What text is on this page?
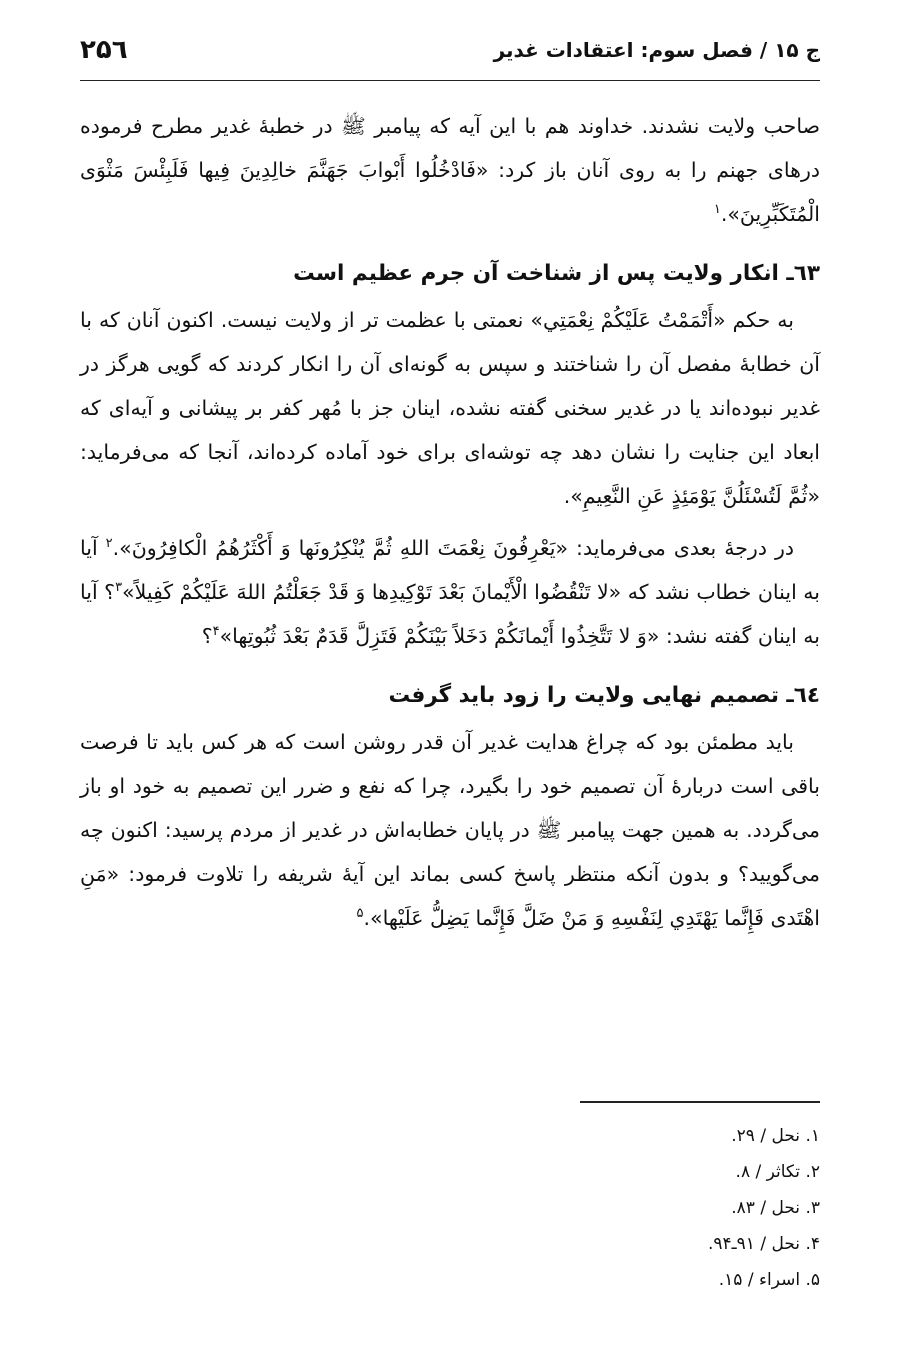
ج ۱۵ / فصل سوم: اعتقادات غدیر
۲۵٦

صاحب ولایت نشدند. خداوند هم با این آیه که پیامبر ﷺ در خطبهٔ غدیر مطرح فرموده درهای جهنم را به روی آنان باز کرد: «فَادْخُلُوا أَبْوابَ جَهَنَّمَ خالِدِینَ فِیها فَلَبِئْسَ مَثْوَى الْمُتَكَبِّرِینَ».$^۱$

٦٣ـ انکار ولایت پس از شناخت آن جرم عظیم است

به حکم «أَتْمَمْتُ عَلَيْكُمْ نِعْمَتِي» نعمتی با عظمت تر از ولایت نیست. اکنون آنان که با آن خطابهٔ مفصل آن را شناختند و سپس به گونه‌ای آن را انکار کردند که گویی هرگز در غدیر نبوده‌اند یا در غدیر سخنی گفته نشده، اینان جز با مُهر کفر بر پیشانی و آیه‌ای که ابعاد این جنایت را نشان دهد چه توشه‌ای برای خود آماده کرده‌اند، آنجا که می‌فرماید: «ثُمَّ لَتُسْئَلُنَّ يَوْمَئِذٍ عَنِ النَّعِيمِ».

در درجهٔ بعدی می‌فرماید: «يَعْرِفُونَ نِعْمَتَ اللهِ ثُمَّ يُنْكِرُونَها وَ أَكْثَرُهُمُ الْكافِرُونَ».$^۲$ آیا به اینان خطاب نشد که «لا تَنْقُضُوا الْأَيْمانَ بَعْدَ تَوْكِيدِها وَ قَدْ جَعَلْتُمُ اللهَ عَلَيْكُمْ كَفِيلاً»$^۳$؟ آیا به اینان گفته نشد: «وَ لا تَتَّخِذُوا أَيْمانَكُمْ دَخَلاً بَيْنَكُمْ فَتَزِلَّ قَدَمٌ بَعْدَ ثُبُوتِها»$^۴$؟

٦٤ـ تصمیم نهایی ولایت را زود باید گرفت

باید مطمئن بود که چراغ هدایت غدیر آن قدر روشن است که هر کس باید تا فرصت باقی است دربارهٔ آن تصمیم خود را بگیرد، چرا که نفع و ضرر این تصمیم به خود او باز می‌گردد. به همین جهت پیامبر ﷺ در پایان خطابه‌اش در غدیر از مردم پرسید: اکنون چه می‌گویید؟ و بدون آنکه منتظر پاسخ کسی بماند این آیهٔ شریفه را تلاوت فرمود: «مَنِ اهْتَدى فَإِنَّما يَهْتَدِي لِنَفْسِهِ وَ مَنْ ضَلَّ فَإِنَّما يَضِلُّ عَلَيْها».$^۵$

۱. نحل / ۲۹.
۲. تکاثر / ۸.
۳. نحل / ۸۳.
۴. نحل / ۹۱ـ۹۴.
۵. اسراء / ۱۵.
